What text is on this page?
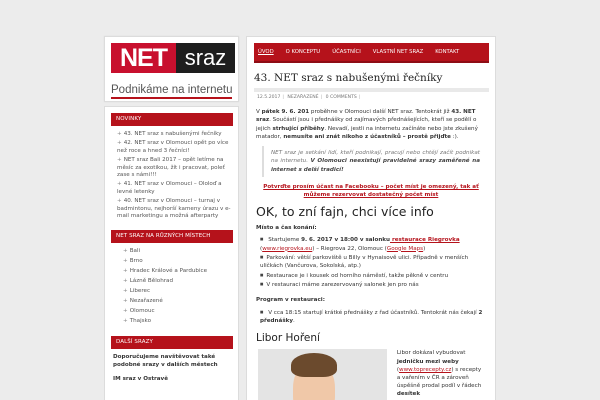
NET sraz
Podnikáme na internetu
NOVINKY
+ 43. NET sraz s nabušenými řečníky
+ 42. NET sraz v Olomouci opět po více než roce a hned 3 řečníci!
+ NET sraz Bali 2017 – opět letíme na měsíc za exotikou, žít i pracovat, poleť zase s námi!!!
+ 41. NET sraz v Olomouci – Ololoď a levné letenky
+ 40. NET sraz v Olomouci – turnaj v badmintonu, nejhorší kameny úrazu v e-mail marketingu a možná afterparty
NET SRAZ NA RŮZNÝCH MÍSTECH
+ Bali
+ Brno
+ Hradec Králové a Pardubice
+ Lázně Bělohrad
+ Liberec
+ Nezařazené
+ Olomouc
+ Thajsko
DALŠÍ SRAZY
Doporučujeme navštěvovat také podobné srazy v dalších městech
IM sraz v Ostravě
ÚVOD O KONCEPTU ÚČASTNÍCI VLASTNÍ NET SRAZ KONTAKT
43. NET sraz s nabušenými řečníky
12.5.2017 | NEZAŘAZENÉ | 0 COMMENTS |

V pátek 9. 6. 201 proběhne v Olomouci další NET sraz. Tentokrát již 43. NET sraz. Součástí jsou i přednášky od zajímavých přednášejících, kteří se podělí o jejich strhující příběhy. Nevadí, jestli na internetu začínáte nebo jste zkušený matador, nemusíte ani znát nikoho z účastníků – prostě přijďte :).

NET sraz je setkání lidí, kteří podnikají, pracují nebo chtějí začít podnikat na internetu. V Olomouci neexistují pravidelné srazy zaměřené na internet s delší tradicí!
Potvrďte prosím účast na Facebooku – počet míst je omezený, tak ať můžeme rezervovat dostatečný počet míst
OK, to zní fajn, chci více info

Místo a čas konání:

■ Startujeme 9. 6. 2017 v 18:00 v salonku restaurace Riegrovka (www.riegrovka.eu) – Riegrova 22, Olomouc (Google Maps)
■ Parkování: větší parkoviště u Billy v Hynaisově ulici. Případně v menších uličkách (Vančurova, Sokolská, atp.)
■ Restaurace je i kousek od horního náměstí, takže pěkně v centru
■ V restauraci máme zarezervovaný salonek jen pro nás

Program v restauraci:

■ V cca 18:15 startují krátké přednášky z řad účastníků. Tentokrát nás čekají 2 přednášky.
Libor Hoření
Libor dokázal vybudovat jedničku mezi weby (www.toprecepty.cz) s recepty a vařením v ČR a zároveň úspěšně prodal podíl v řádech desítek
